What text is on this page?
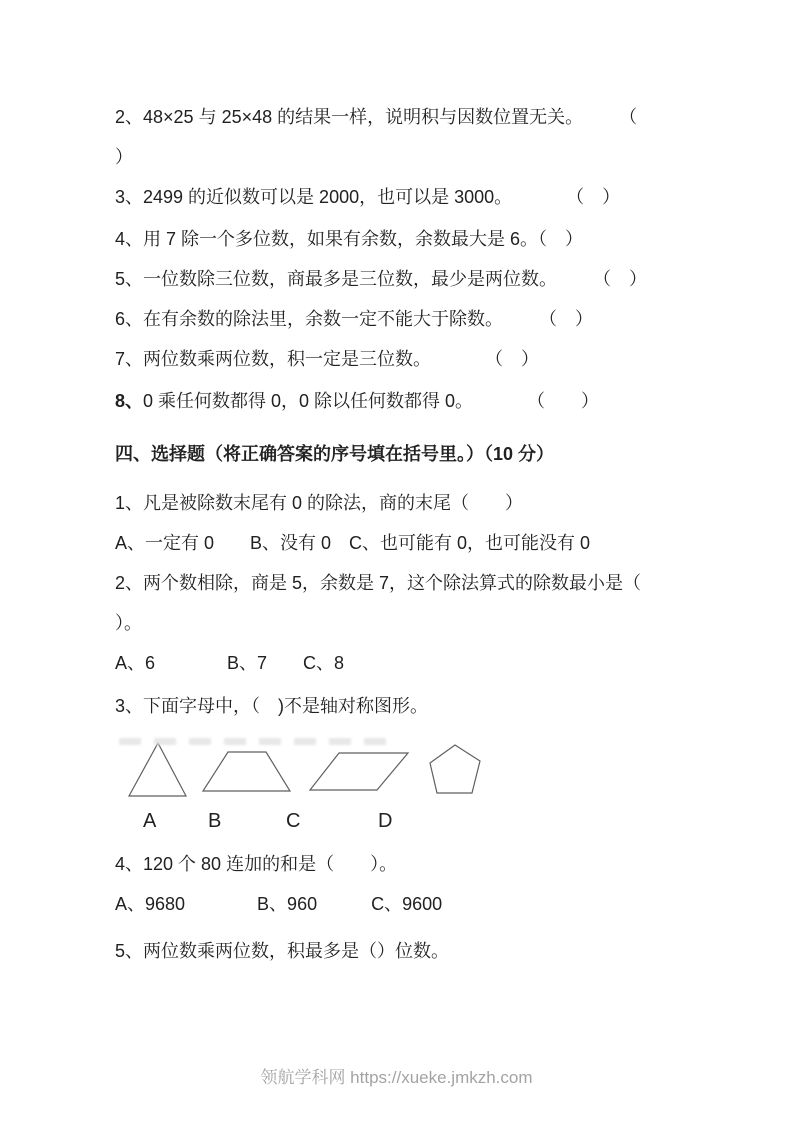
2、48×25 与 25×48 的结果一样，说明积与因数位置无关。　　　（
）
3、2499 的近似数可以是 2000，也可以是 3000。　　　　（　）
4、用 7 除一个多位数，如果有余数，余数最大是 6。（　）
5、一位数除三位数，商最多是三位数，最少是两位数。　　　（　）
6、在有余数的除法里，余数一定不能大于除数。　　　（　）
7、两位数乘两位数，积一定是三位数。　　　　（　）
8、0 乘任何数都得 0，0 除以任何数都得 0。　　　　（　　）
四、选择题（将正确答案的序号填在括号里。）（10 分）
1、凡是被除数末尾有 0 的除法，商的末尾（　　）
A、一定有 0　　B、没有 0　C、也可能有 0，也可能没有 0
2、两个数相除，商是 5，余数是 7，这个除法算式的除数最小是（
）。
A、6　　　　B、7　　C、8
3、下面字母中，（　)不是轴对称图形。
A	B	C	D
4、120 个 80 连加的和是（　　）。
A、9680　　　　B、960　　　C、9600
5、两位数乘两位数，积最多是（）位数。
领航学科网 https://xueke.jmkzh.com
